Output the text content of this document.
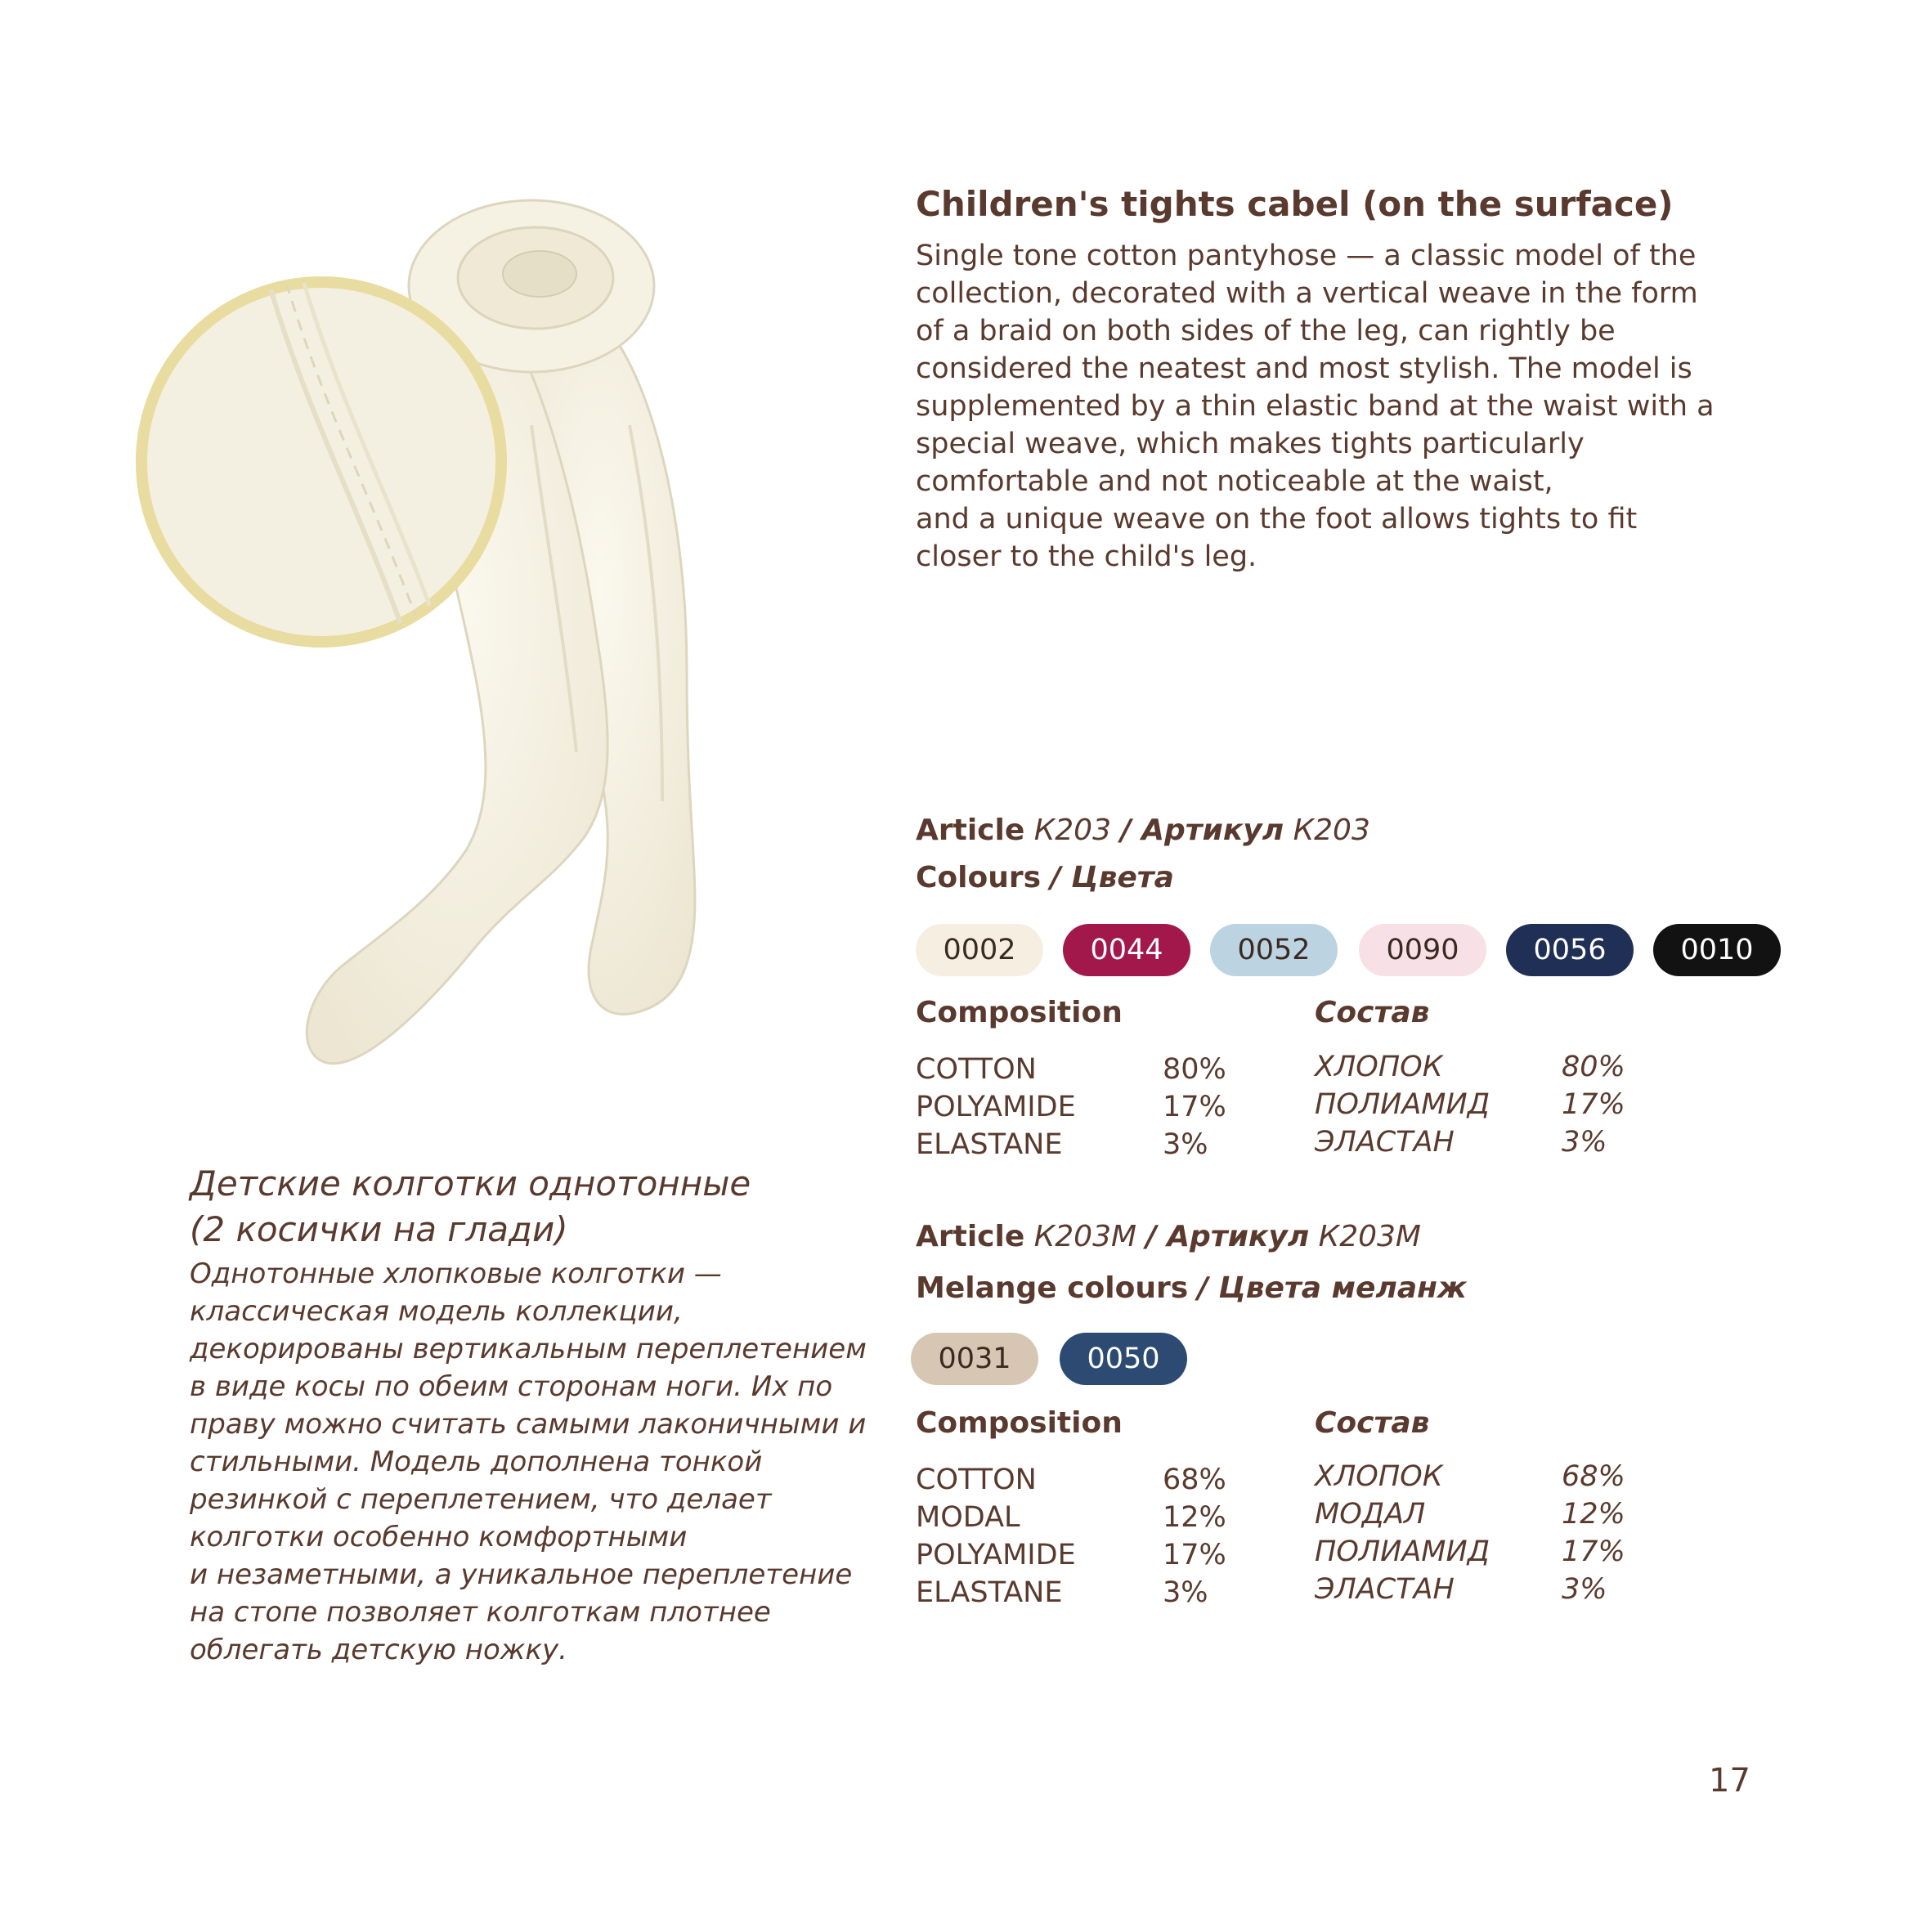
Children's tights cabel (on the surface)
Single tone cotton pantyhose — a classic model of the
collection, decorated with a vertical weave in the form
of a braid on both sides of the leg, can rightly be
considered the neatest and most stylish. The model is
supplemented by a thin elastic band at the waist with a
special weave, which makes tights particularly
comfortable and not noticeable at the waist,
and a unique weave on the foot allows tights to fit
closer to the child's leg.
Article К203 / Артикул К203
Colours / Цвета
0002	0044	0052	0090	0056	0010
Composition	Состав
COTTON	80%
POLYAMIDE	17%
ELASTANE	3%
ХЛОПОК	80%
ПОЛИАМИД	17%
ЭЛАСТАН	3%
Article К203М / Артикул К203М
Melange colours / Цвета меланж
0031	0050
Composition	Состав
COTTON	68%
MODAL	12%
POLYAMIDE	17%
ELASTANE	3%
ХЛОПОК	68%
МОДАЛ	12%
ПОЛИАМИД	17%
ЭЛАСТАН	3%
Детские колготки однотонные
(2 косички на глади)
Однотонные хлопковые колготки —
классическая модель коллекции,
декорированы вертикальным переплетением
в виде косы по обеим сторонам ноги. Их по
праву можно считать самыми лаконичными и
стильными. Модель дополнена тонкой
резинкой с переплетением, что делает
колготки особенно комфортными
и незаметными, а уникальное переплетение
на стопе позволяет колготкам плотнее
облегать детскую ножку.
17
